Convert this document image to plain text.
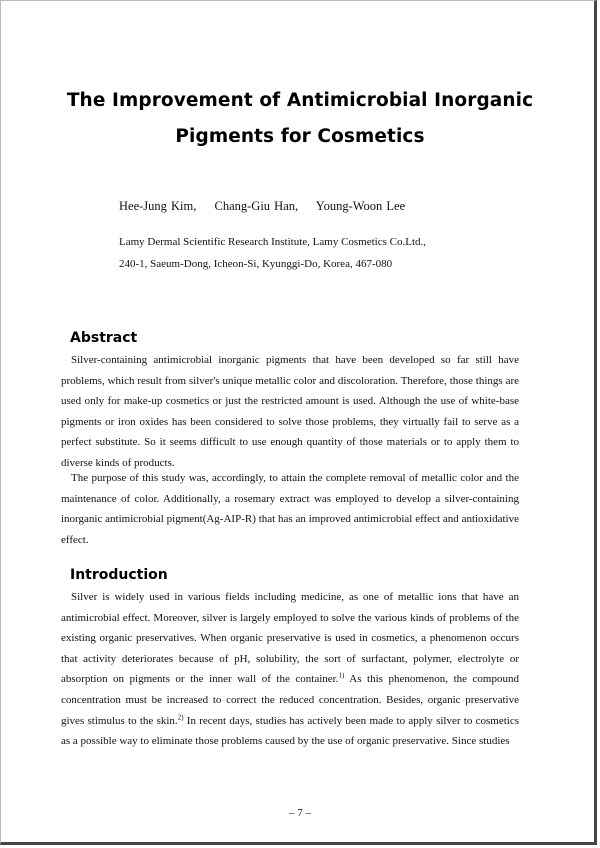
The Improvement of Antimicrobial Inorganic
Pigments for Cosmetics
Hee-Jung Kim, Chang-Giu Han, Young-Woon Lee
Lamy Dermal Scientific Research Institute, Lamy Cosmetics Co.Ltd.,
240-1, Saeum-Dong, Icheon-Si, Kyunggi-Do, Korea, 467-080
Abstract
Silver-containing antimicrobial inorganic pigments that have been developed so far still have problems, which result from silver's unique metallic color and discoloration. Therefore, those things are used only for make-up cosmetics or just the restricted amount is used. Although the use of white-base pigments or iron oxides has been considered to solve those problems, they virtually fail to serve as a perfect substitute. So it seems difficult to use enough quantity of those materials or to apply them to diverse kinds of products.
The purpose of this study was, accordingly, to attain the complete removal of metallic color and the maintenance of color. Additionally, a rosemary extract was employed to develop a silver-containing inorganic antimicrobial pigment(Ag-AIP-R) that has an improved antimicrobial effect and antioxidative effect.
Introduction
Silver is widely used in various fields including medicine, as one of metallic ions that have an antimicrobial effect. Moreover, silver is largely employed to solve the various kinds of problems of the existing organic preservatives. When organic preservative is used in cosmetics, a phenomenon occurs that activity deteriorates because of pH, solubility, the sort of surfactant, polymer, electrolyte or absorption on pigments or the inner wall of the container.$^{1)}$ As this phenomenon, the compound concentration must be increased to correct the reduced concentration. Besides, organic preservative gives stimulus to the skin.$^{2)}$ In recent days, studies has actively been made to apply silver to cosmetics as a possible way to eliminate those problems caused by the use of organic preservative. Since studies
– 7 –
